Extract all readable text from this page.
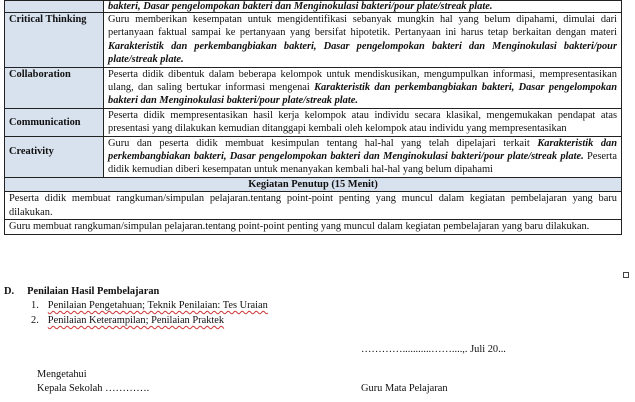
	bakteri, Dasar pengelompokan bakteri dan Menginokulasi bakteri/pour plate/streak plate.
Critical Thinking	Guru memberikan kesempatan untuk mengidentifikasi sebanyak mungkin hal yang belum dipahami, dimulai dari pertanyaan faktual sampai ke pertanyaan yang bersifat hipotetik. Pertanyaan ini harus tetap berkaitan dengan materi Karakteristik dan perkembangbiakan bakteri, Dasar pengelompokan bakteri dan Menginokulasi bakteri/pour plate/streak plate.
Collaboration	Peserta didik dibentuk dalam beberapa kelompok untuk mendiskusikan, mengumpulkan informasi, mempresentasikan ulang, dan saling bertukar informasi mengenai Karakteristik dan perkembangbiakan bakteri, Dasar pengelompokan bakteri dan Menginokulasi bakteri/pour plate/streak plate.
Communication	Peserta didik mempresentasikan hasil kerja kelompok atau individu secara klasikal, mengemukakan pendapat atas presentasi yang dilakukan kemudian ditanggapi kembali oleh kelompok atau individu yang mempresentasikan
Creativity	Guru dan peserta didik membuat kesimpulan tentang hal-hal yang telah dipelajari terkait Karakteristik dan perkembangbiakan bakteri, Dasar pengelompokan bakteri dan Menginokulasi bakteri/pour plate/streak plate. Peserta didik kemudian diberi kesempatan untuk menanyakan kembali hal-hal yang belum dipahami
Kegiatan Penutup (15 Menit)	
Peserta didik membuat rangkuman/simpulan pelajaran.tentang point-point penting yang muncul dalam kegiatan pembelajaran yang baru dilakukan.	
Guru membuat rangkuman/simpulan pelajaran.tentang point-point penting yang muncul dalam kegiatan pembelajaran yang baru dilakukan.	
D. Penilaian Hasil Pembelajaran
1. Penilaian Pengetahuan; Teknik Penilaian: Tes Uraian
2. Penilaian Keterampilan; Penilaian Praktek
…………...........……....,. Juli 20...
Mengetahui
Kepala Sekolah ………….	Guru Mata Pelajaran
